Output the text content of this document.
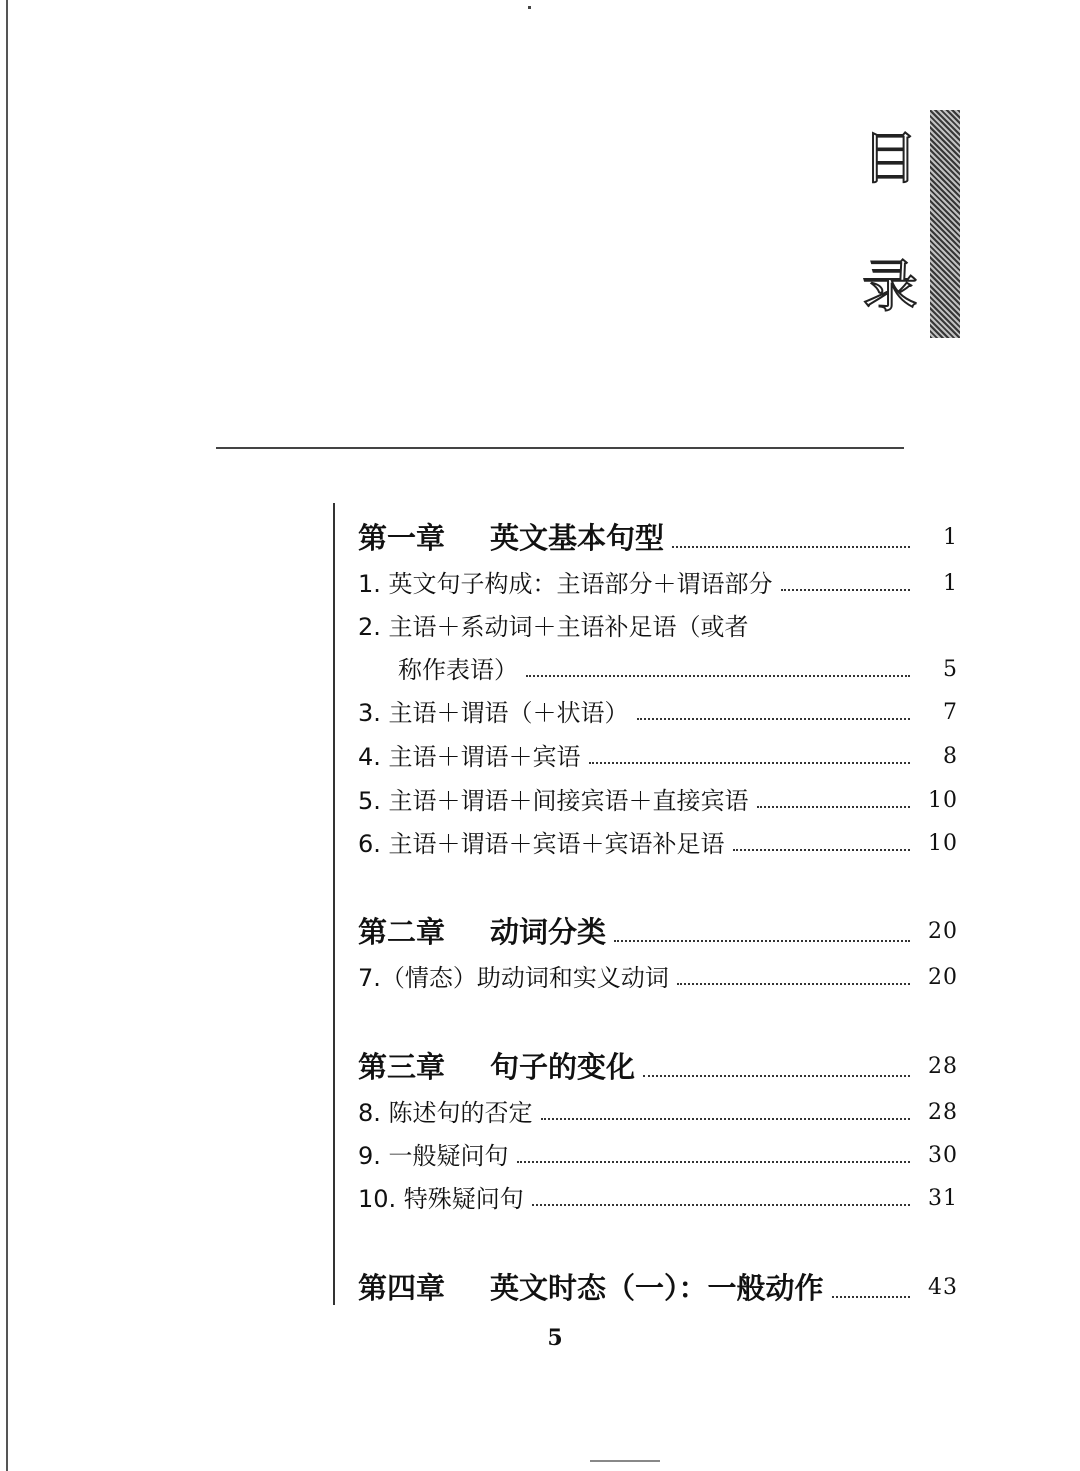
目
录
第一章	英文基本句型	1
1. 英文句子构成：主语部分＋谓语部分	1
2. 主语＋系动词＋主语补足语（或者
称作表语）	5
3. 主语＋谓语（＋状语）	7
4. 主语＋谓语＋宾语	8
5. 主语＋谓语＋间接宾语＋直接宾语	10
6. 主语＋谓语＋宾语＋宾语补足语	10
第二章	动词分类	20
7.（情态）助动词和实义动词	20
第三章	句子的变化	28
8. 陈述句的否定	28
9. 一般疑问句	30
10. 特殊疑问句	31
第四章	英文时态（一）：一般动作	43
5
